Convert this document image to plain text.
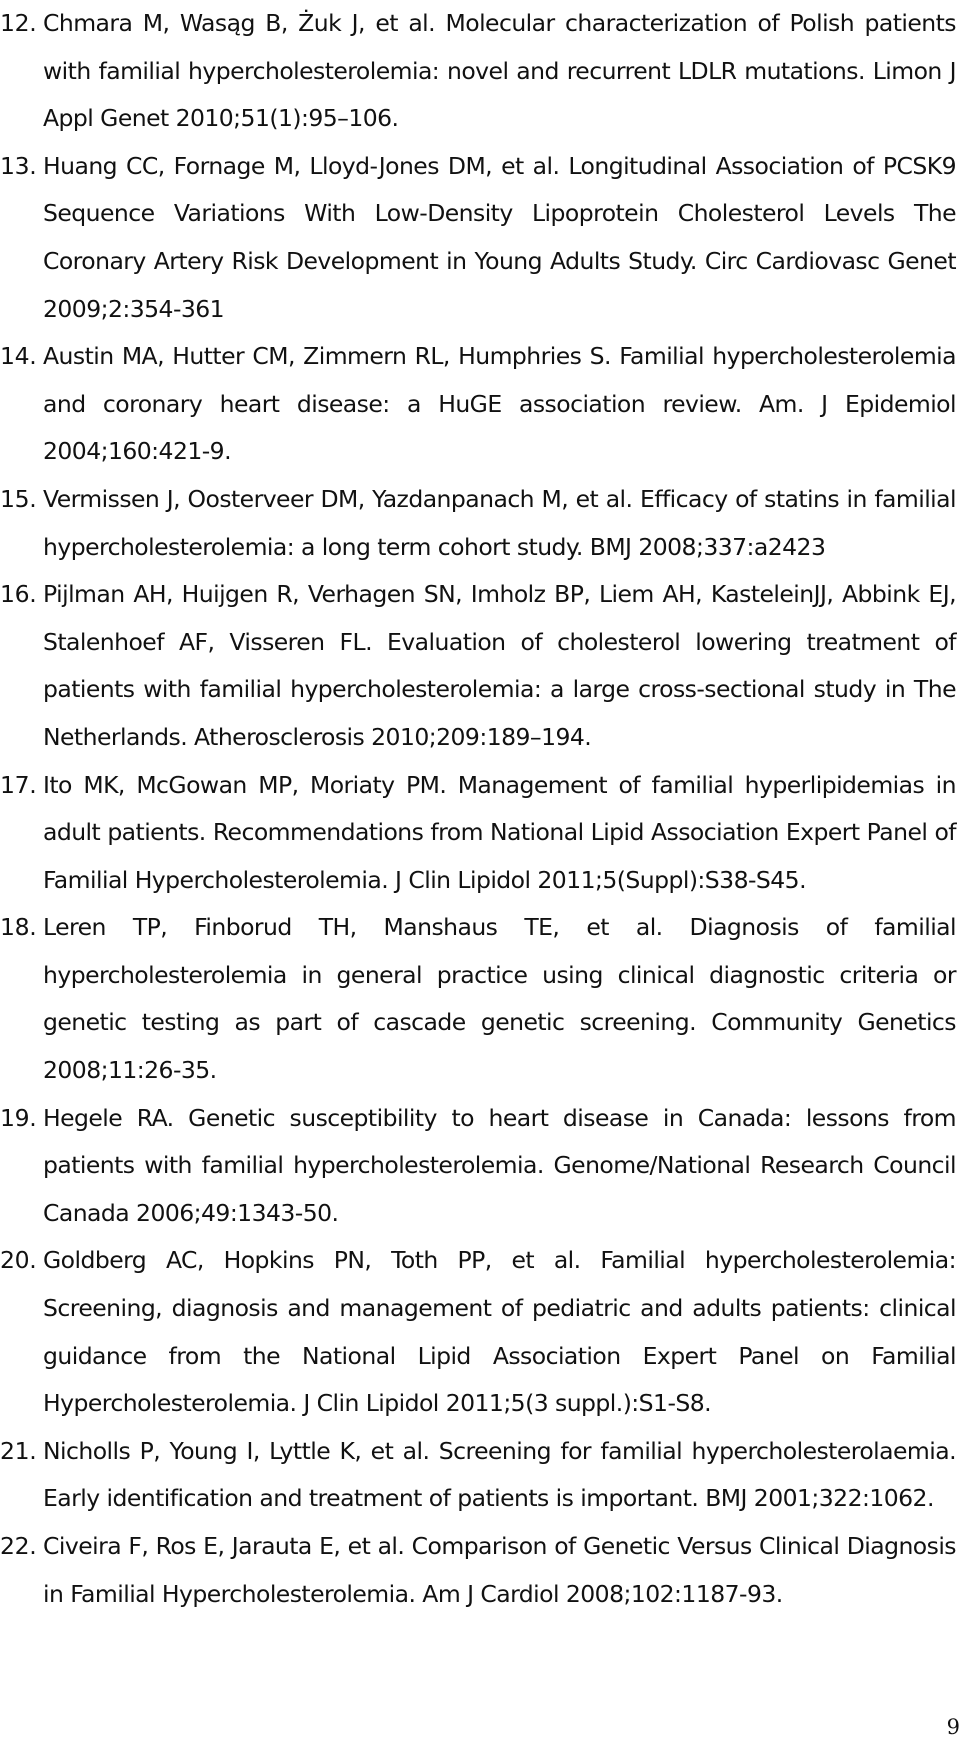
12. Chmara M, Wasąg B, Żuk J, et al. Molecular characterization of Polish patients with familial hypercholesterolemia: novel and recurrent LDLR mutations. Limon J Appl Genet 2010;51(1):95–106.
13. Huang CC, Fornage M, Lloyd-Jones DM, et al. Longitudinal Association of PCSK9 Sequence Variations With Low-Density Lipoprotein Cholesterol Levels The Coronary Artery Risk Development in Young Adults Study. Circ Cardiovasc Genet 2009;2:354-361
14. Austin MA, Hutter CM, Zimmern RL, Humphries S. Familial hypercholesterolemia and coronary heart disease: a HuGE association review. Am. J Epidemiol 2004;160:421-9.
15. Vermissen J, Oosterveer DM, Yazdanpanach M, et al. Efficacy of statins in familial hypercholesterolemia: a long term cohort study. BMJ 2008;337:a2423
16. Pijlman AH, Huijgen R, Verhagen SN, Imholz BP, Liem AH, KasteleinJJ, Abbink EJ, Stalenhoef AF, Visseren FL. Evaluation of cholesterol lowering treatment of patients with familial hypercholesterolemia: a large cross-sectional study in The Netherlands. Atherosclerosis 2010;209:189–194.
17. Ito MK, McGowan MP, Moriaty PM. Management of familial hyperlipidemias in adult patients. Recommendations from National Lipid Association Expert Panel of Familial Hypercholesterolemia. J Clin Lipidol 2011;5(Suppl):S38-S45.
18. Leren TP, Finborud TH, Manshaus TE, et al. Diagnosis of familial hypercholesterolemia in general practice using clinical diagnostic criteria or genetic testing as part of cascade genetic screening. Community Genetics 2008;11:26-35.
19. Hegele RA. Genetic susceptibility to heart disease in Canada: lessons from patients with familial hypercholesterolemia. Genome/National Research Council Canada 2006;49:1343-50.
20. Goldberg AC, Hopkins PN, Toth PP, et al. Familial hypercholesterolemia: Screening, diagnosis and management of pediatric and adults patients: clinical guidance from the National Lipid Association Expert Panel on Familial Hypercholesterolemia. J Clin Lipidol 2011;5(3 suppl.):S1-S8.
21. Nicholls P, Young I, Lyttle K, et al. Screening for familial hypercholesterolaemia. Early identification and treatment of patients is important. BMJ 2001;322:1062.
22. Civeira F, Ros E, Jarauta E, et al. Comparison of Genetic Versus Clinical Diagnosis in Familial Hypercholesterolemia. Am J Cardiol 2008;102:1187-93.
9
